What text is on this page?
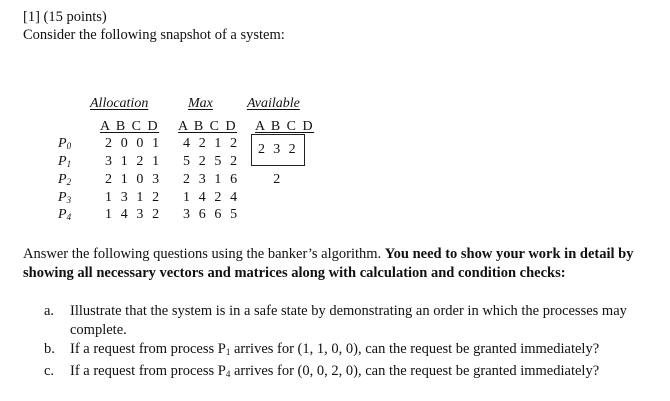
[1] (15 points)
Consider the following snapshot of a system:
Allocation	Max Available
A B C D A B C D A B C D
$P_0$ 2 0 0 1 4 2 1 2
$P_1$ 3 1 2 1 5 2 5 2
$P_2$ 2 1 0 3 2 3 1 6
$P_3$ 1 3 1 2 1 4 2 4
$P_4$ 1 4 3 2 3 6 6 5
2 3 2 2
Answer the following questions using the banker’s algorithm. You need to show your work in detail by showing all necessary vectors and matrices along with calculation and condition checks:
a. Illustrate that the system is in a safe state by demonstrating an order in which the processes may complete.
b. If a request from process $P_1$ arrives for (1, 1, 0, 0), can the request be granted immediately?
c. If a request from process $P_4$ arrives for (0, 0, 2, 0), can the request be granted immediately?
